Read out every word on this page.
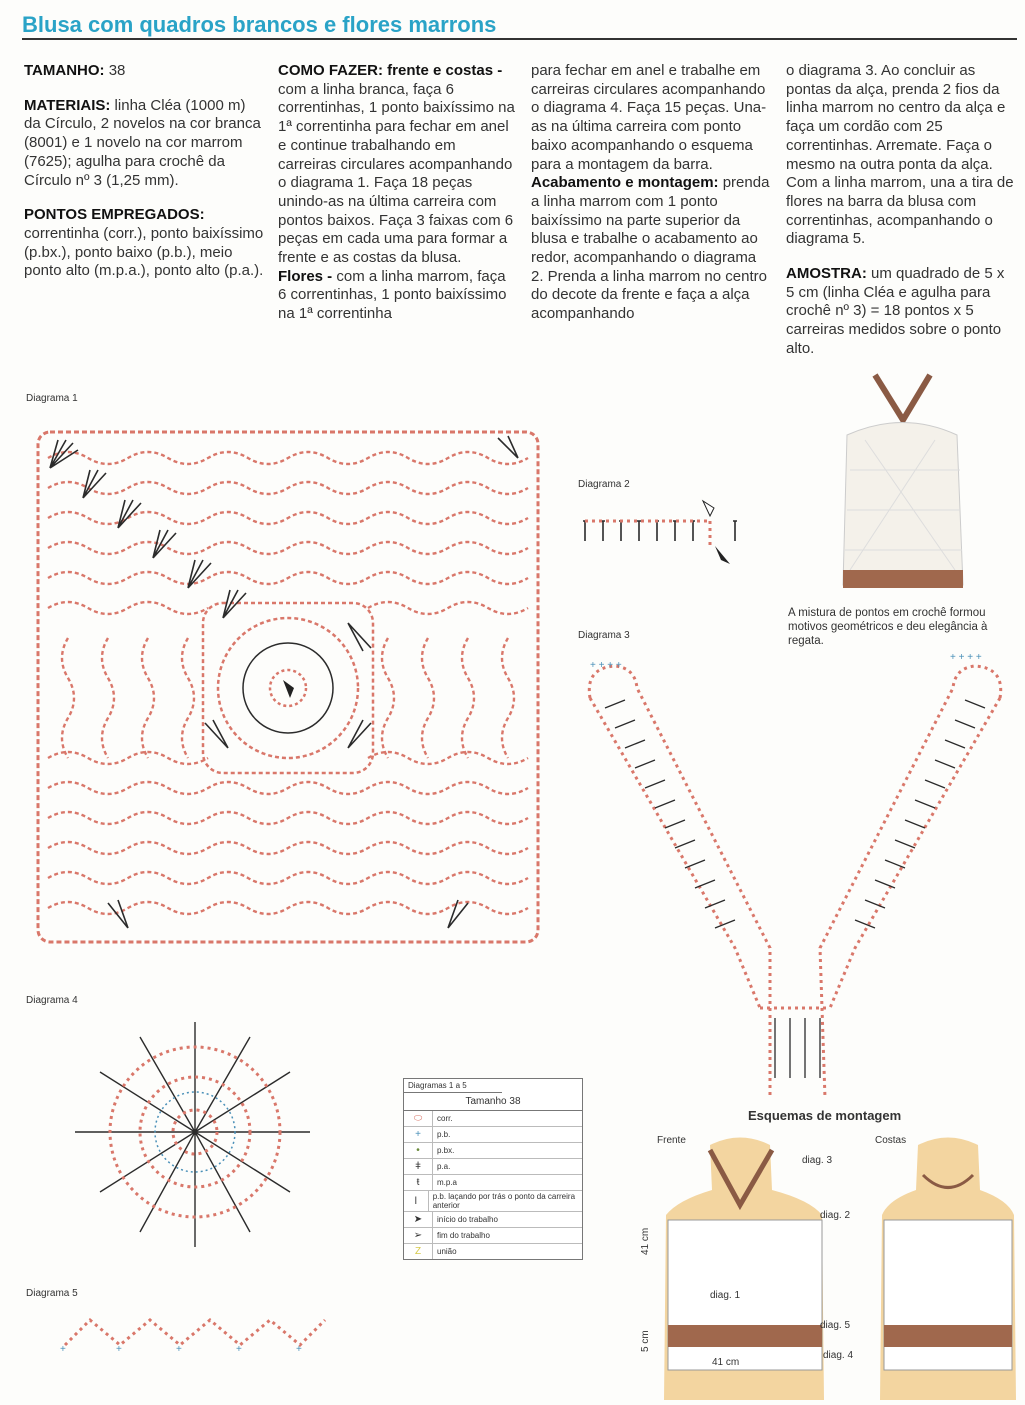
Blusa com quadros brancos e flores marrons

TAMANHO: 38

MATERIAIS: linha Cléa (1000 m) da Círculo, 2 novelos na cor branca (8001) e 1 novelo na cor marrom (7625); agulha para crochê da Círculo nº 3 (1,25 mm).

PONTOS EMPREGADOS: correntinha (corr.), ponto baixíssimo (p.bx.), ponto baixo (p.b.), meio ponto alto (m.p.a.), ponto alto (p.a.).

COMO FAZER: frente e costas - com a linha branca, faça 6 correntinhas, 1 ponto baixíssimo na 1ª correntinha para fechar em anel e continue trabalhando em carreiras circulares acompanhando o diagrama 1. Faça 18 peças unindo-as na última carreira com pontos baixos. Faça 3 faixas com 6 peças em cada uma para formar a frente e as costas da blusa.

Flores - com a linha marrom, faça 6 correntinhas, 1 ponto baixíssimo na 1ª correntinha

para fechar em anel e trabalhe em carreiras circulares acompanhando o diagrama 4. Faça 15 peças. Una-as na última carreira com ponto baixo acompanhando o esquema para a montagem da barra.

Acabamento e montagem: prenda a linha marrom com 1 ponto baixíssimo na parte superior da blusa e trabalhe o acabamento ao redor, acompanhando o diagrama 2. Prenda a linha marrom no centro do decote da frente e faça a alça acompanhando

o diagrama 3. Ao concluir as pontas da alça, prenda 2 fios da linha marrom no centro da alça e faça um cordão com 25 correntinhas. Arremate. Faça o mesmo na outra ponta da alça. Com a linha marrom, una a tira de flores na barra da blusa com correntinhas, acompanhando o diagrama 5.

AMOSTRA: um quadrado de 5 x 5 cm (linha Cléa e agulha para crochê nº 3) = 18 pontos x 5 carreiras medidos sobre o ponto alto.

Diagrama 1
Diagrama 2
Diagrama 3
Diagrama 4
Diagrama 5
+ + + +
+ + + +
A mistura de pontos em crochê formou motivos geométricos e deu elegância à regata.
+	+	+	+	+
Diagramas 1 a 5
Tamanho 38
⬭	corr.
+	p.b.
•	p.bx.
ǂ	p.a.
ŧ	m.p.a
ǀ	p.b. laçando por trás o ponto da carreira anterior
➤	início do trabalho
➢	fim do trabalho
Z	união
Esquemas de montagem
Frente	Costas
diag. 3
diag. 2
diag. 1
diag. 5
diag. 4
41 cm
5 cm
41 cm
